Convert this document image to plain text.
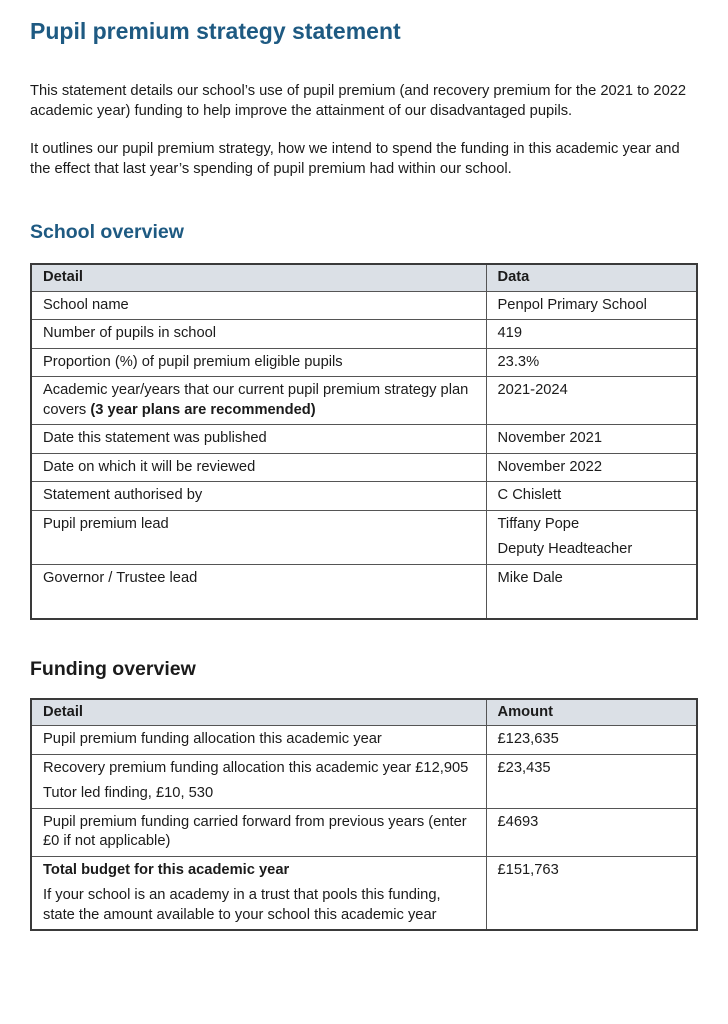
Pupil premium strategy statement

This statement details our school’s use of pupil premium (and recovery premium for the 2021 to 2022 academic year) funding to help improve the attainment of our disadvantaged pupils.

It outlines our pupil premium strategy, how we intend to spend the funding in this academic year and the effect that last year’s spending of pupil premium had within our school.

School overview
Detail	Data

School name	Penpol Primary School

Number of pupils in school	419

Proportion (%) of pupil premium eligible pupils	23.3%

Academic year/years that our current pupil premium strategy plan covers (3 year plans are recommended)	2021-2024

Date this statement was published	November 2021

Date on which it will be reviewed	November 2022

Statement authorised by	C Chislett

Pupil premium lead	Tiffany Pope

Deputy Headteacher

Governor / Trustee lead	Mike Dale

Funding overview
Detail	Amount

Pupil premium funding allocation this academic year	£123,635

Recovery premium funding allocation this academic year £12,905

Tutor led finding, £10, 530	£23,435

Pupil premium funding carried forward from previous years (enter £0 if not applicable)	£4693

Total budget for this academic year

If your school is an academy in a trust that pools this funding, state the amount available to your school this academic year	£151,763
